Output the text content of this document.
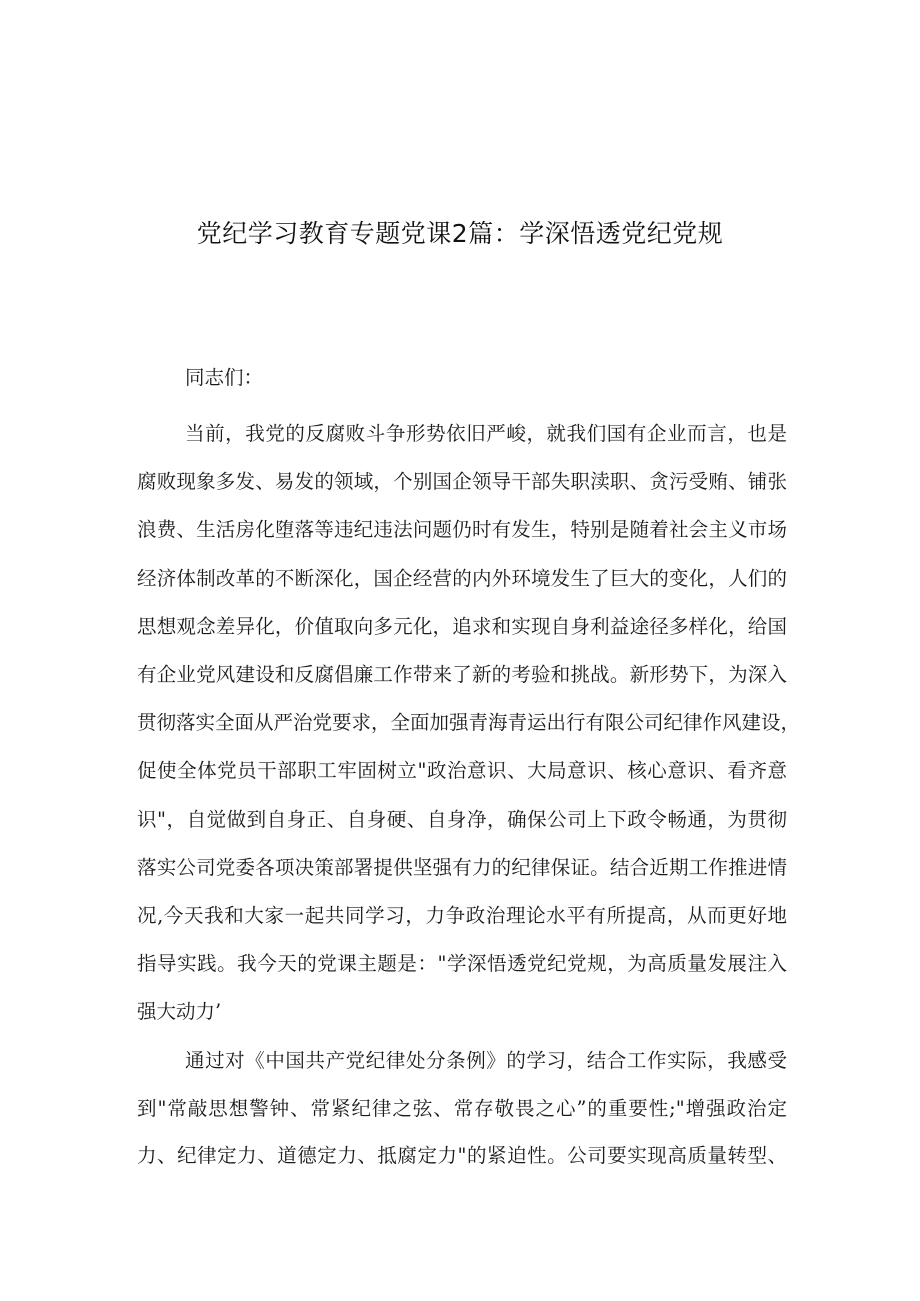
党纪学习教育专题党课2篇：学深悟透党纪党规
同志们：
当前，我党的反腐败斗争形势依旧严峻，就我们国有企业而言，也是
腐败现象多发、易发的领域，个别国企领导干部失职渎职、贪污受贿、铺张
浪费、生活房化堕落等违纪违法问题仍时有发生，特别是随着社会主义市场
经济体制改革的不断深化，国企经营的内外环境发生了巨大的变化，人们的
思想观念差异化，价值取向多元化，追求和实现自身利益途径多样化，给国
有企业党风建设和反腐倡廉工作带来了新的考验和挑战。新形势下，为深入
贯彻落实全面从严治党要求，全面加强青海青运出行有限公司纪律作风建设，
促使全体党员干部职工牢固树立"政治意识、大局意识、核心意识、看齐意
识"，自觉做到自身正、自身硬、自身净，确保公司上下政令畅通，为贯彻
落实公司党委各项决策部署提供坚强有力的纪律保证。结合近期工作推进情
况,今天我和大家一起共同学习，力争政治理论水平有所提高，从而更好地
指导实践。我今天的党课主题是："学深悟透党纪党规，为高质量发展注入
强大动力’
通过对《中国共产党纪律处分条例》的学习，结合工作实际，我感受
到"常敲思想警钟、常紧纪律之弦、常存敬畏之心”的重要性;"增强政治定
力、纪律定力、道德定力、抵腐定力"的紧迫性。公司要实现高质量转型、
